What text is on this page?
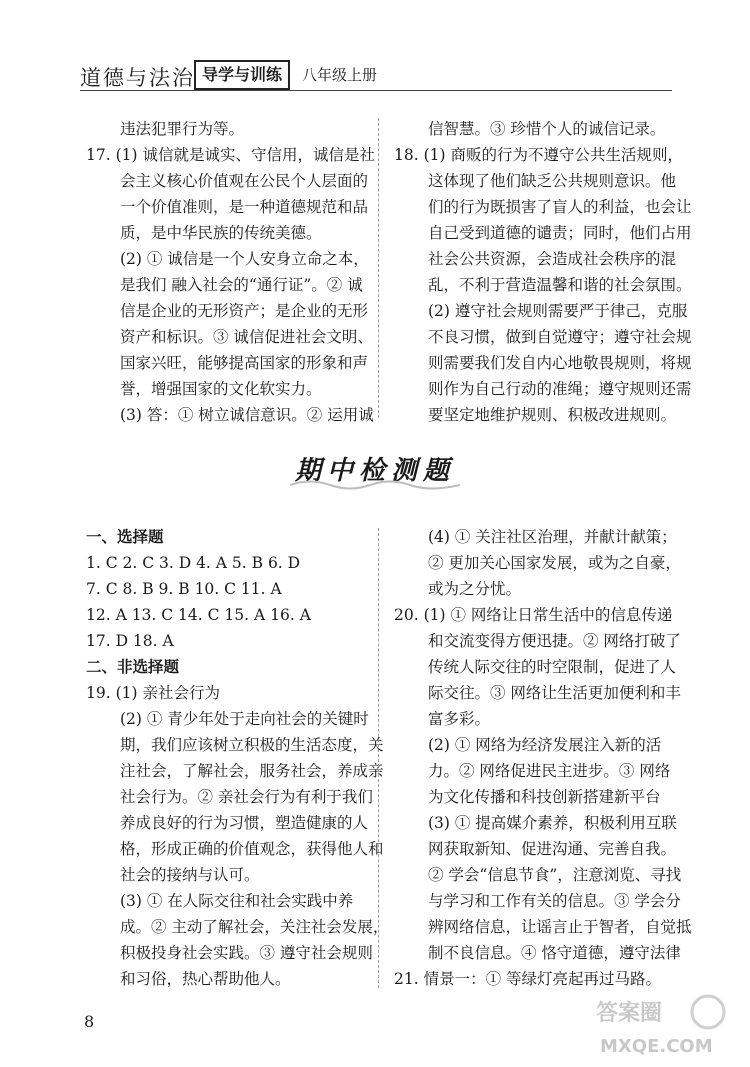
道德与法治 导学与训练	八年级上册

违法犯罪行为等。

17. (1) 诚信就是诚实、守信用，诚信是社

会主义核心价值观在公民个人层面的

一个价值准则，是一种道德规范和品

质，是中华民族的传统美德。

(2) ① 诚信是一个人安身立命之本，是我们 融入社会的“通行证”。② 诚

信是企业的无形资产；是企业的无形

资产和标识。③ 诚信促进社会文明、

国家兴旺，能够提高国家的形象和声

誉，增强国家的文化软实力。

(3) 答：① 树立诚信意识。② 运用诚

信智慧。③ 珍惜个人的诚信记录。

18. (1) 商贩的行为不遵守公共生活规则，

这体现了他们缺乏公共规则意识。他

们的行为既损害了盲人的利益，也会让

自己受到道德的谴责；同时，他们占用

社会公共资源，会造成社会秩序的混

乱，不利于营造温馨和谐的社会氛围。

(2) 遵守社会规则需要严于律己，克服

不良习惯，做到自觉遵守；遵守社会规

则需要我们发自内心地敬畏规则，将规

则作为自己行动的准绳；遵守规则还需

要坚定地维护规则、积极改进规则。

期中检测题

一、选择题

1. C 2. C 3. D 4. A 5. B 6. D

7. C 8. B 9. B 10. C 11. A

12. A 13. C 14. C 15. A 16. A

17. D 18. A

二、非选择题

19. (1) 亲社会行为

(2) ① 青少年处于走向社会的关键时

期，我们应该树立积极的生活态度，关

注社会，了解社会，服务社会，养成亲

社会行为。② 亲社会行为有利于我们

养成良好的行为习惯，塑造健康的人

格，形成正确的价值观念，获得他人和

社会的接纳与认可。

(3) ① 在人际交往和社会实践中养

成。② 主动了解社会，关注社会发展，

积极投身社会实践。③ 遵守社会规则

和习俗，热心帮助他人。

(4) ① 关注社区治理，并献计献策；

② 更加关心国家发展，或为之自豪，

或为之分忧。

20. (1) ① 网络让日常生活中的信息传递

和交流变得方便迅捷。② 网络打破了

传统人际交往的时空限制，促进了人

际交往。③ 网络让生活更加便利和丰

富多彩。

(2) ① 网络为经济发展注入新的活

力。② 网络促进民主进步。③ 网络

为文化传播和科技创新搭建新平台

(3) ① 提高媒介素养，积极利用互联

网获取新知、促进沟通、完善自我。

② 学会“信息节食”，注意浏览、寻找

与学习和工作有关的信息。③ 学会分

辨网络信息，让谣言止于智者，自觉抵

制不良信息。④ 恪守道德，遵守法律

21. 情景一：① 等绿灯亮起再过马路。

8	答案圈
MXQE.COM
